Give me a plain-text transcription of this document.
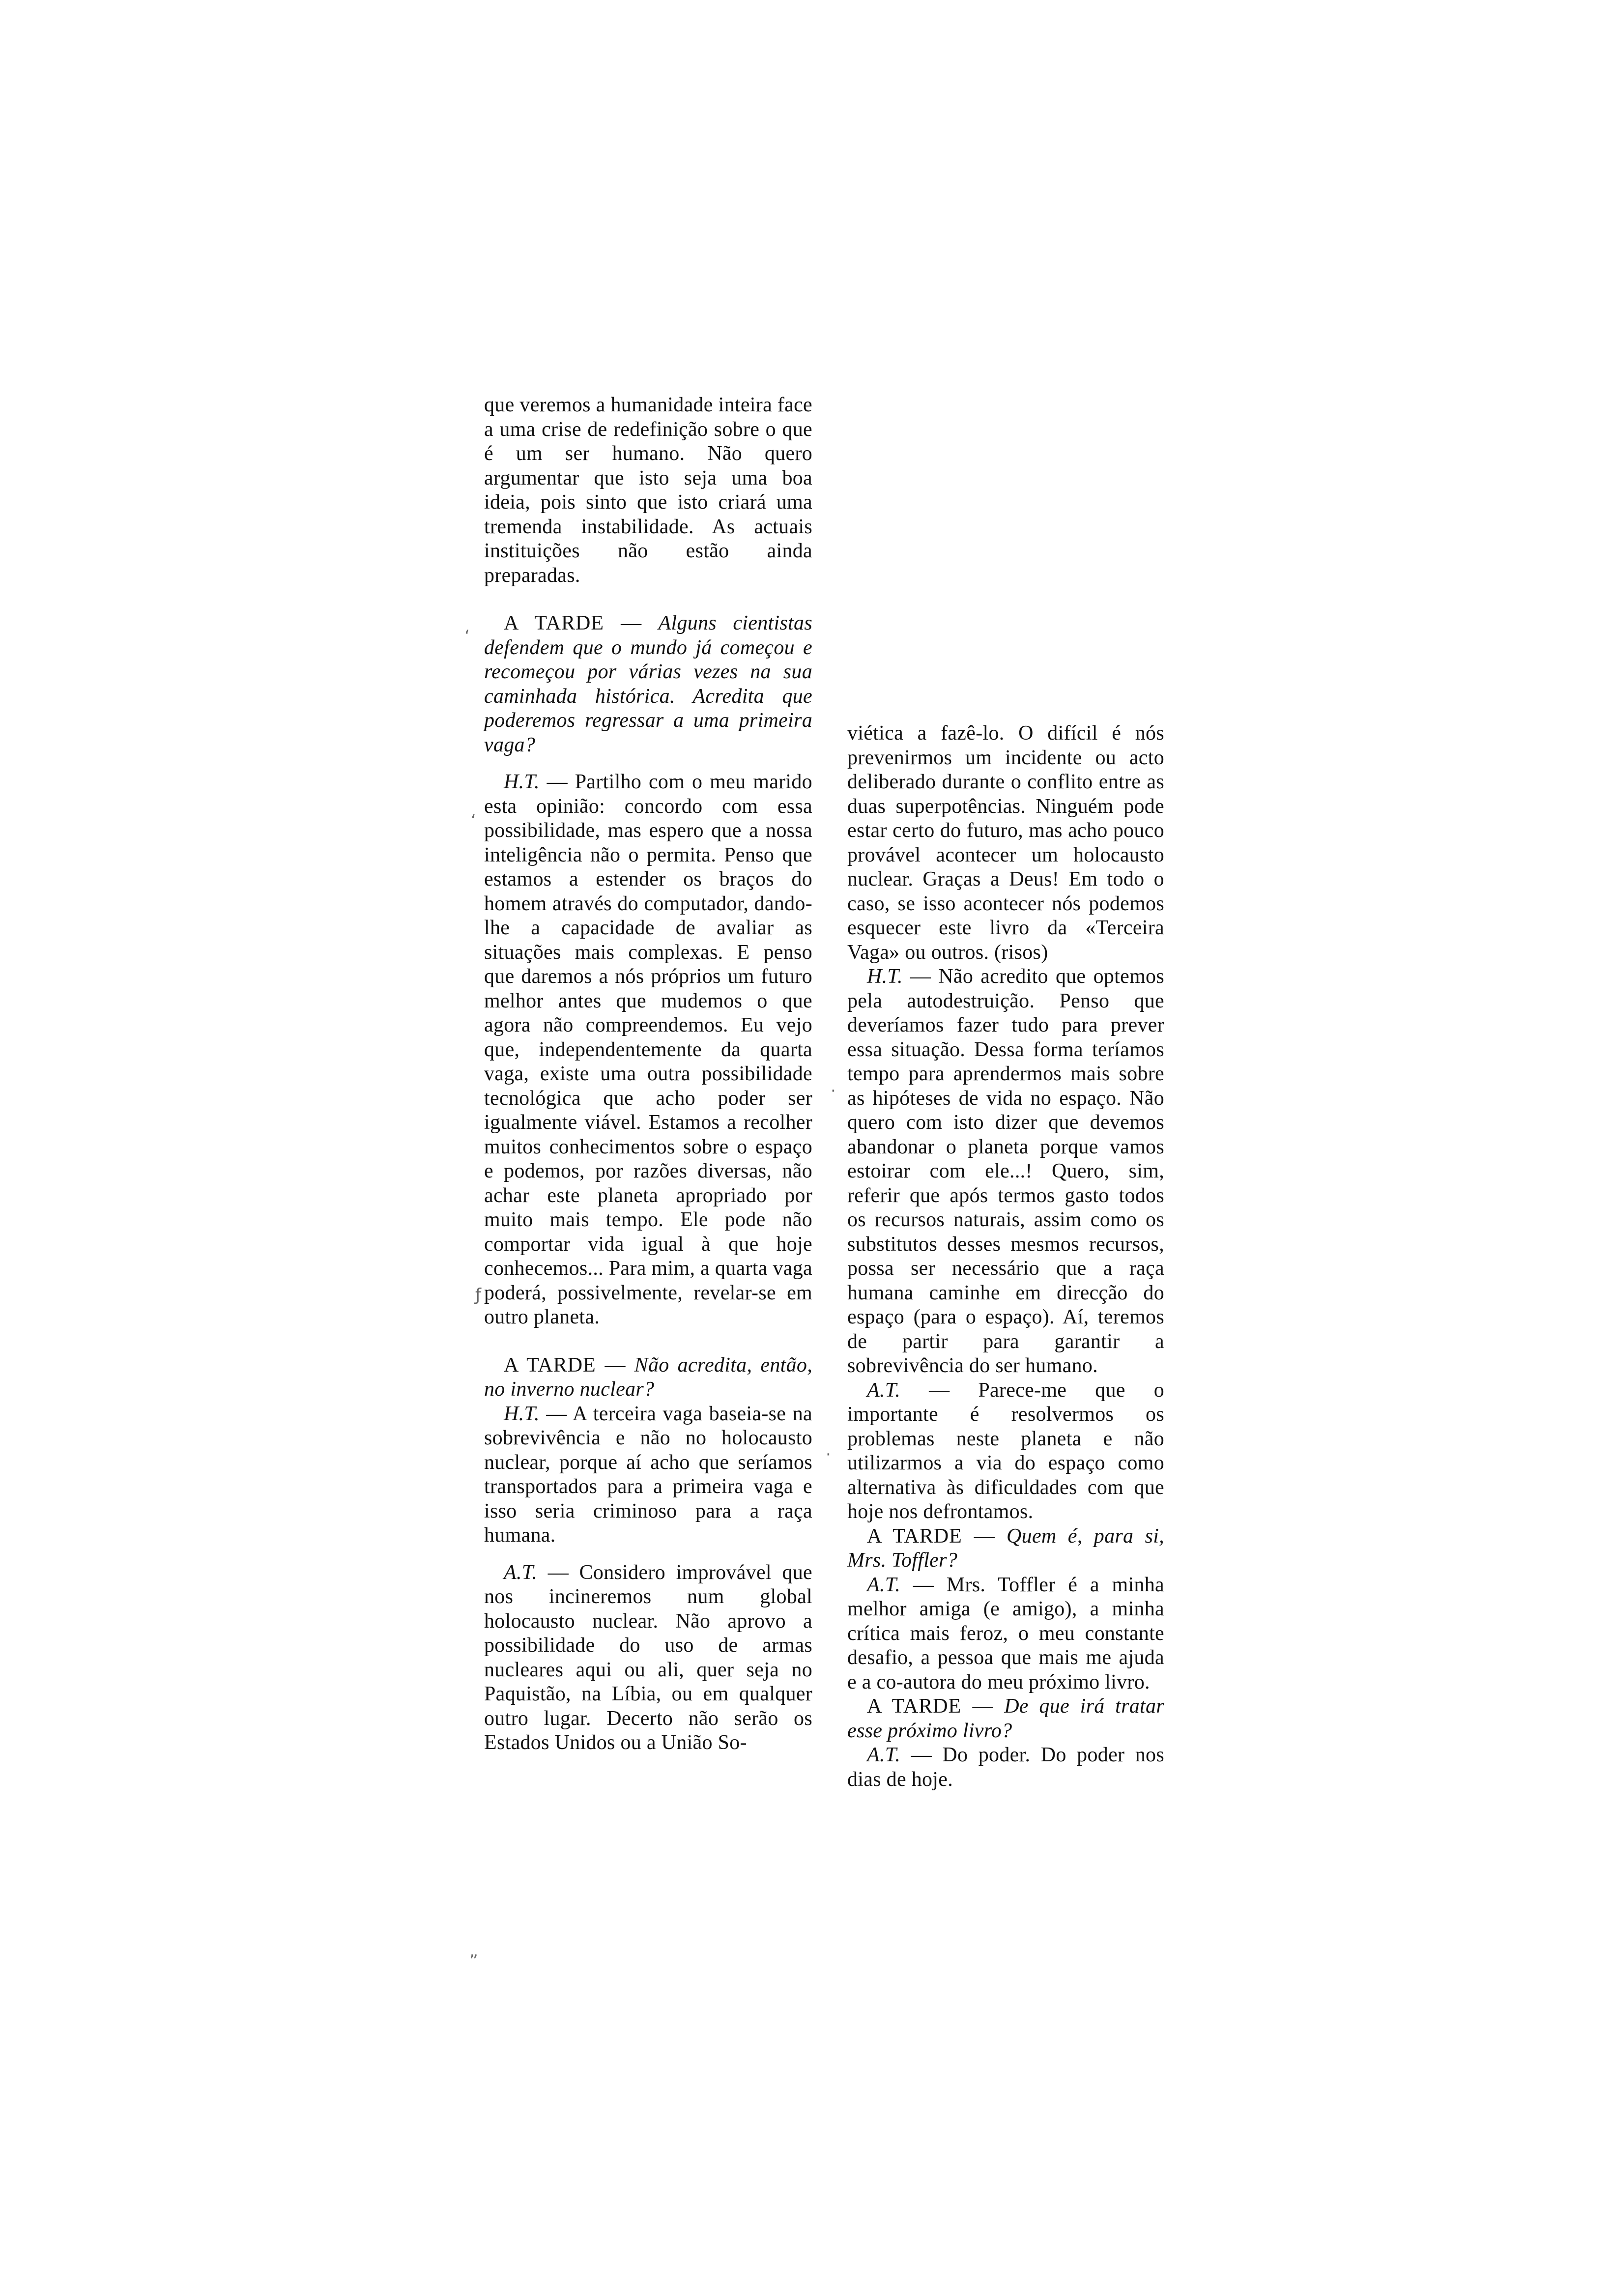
que veremos a humanidade inteira face a uma crise de redefinição sobre o que é um ser humano. Não quero argumentar que isto seja uma boa ideia, pois sinto que isto criará uma tremenda instabilidade. As actuais instituições não estão ainda preparadas.

A TARDE — Alguns cientistas defendem que o mundo já começou e recomeçou por várias vezes na sua caminhada histórica. Acredita que poderemos regressar a uma primeira vaga?

H.T. — Partilho com o meu marido esta opinião: concordo com essa possibilidade, mas espero que a nossa inteligência não o permita. Penso que estamos a estender os braços do homem através do computador, dando-lhe a capacidade de avaliar as situações mais complexas. E penso que daremos a nós próprios um futuro melhor antes que mudemos o que agora não compreendemos. Eu vejo que, independentemente da quarta vaga, existe uma outra possibilidade tecnológica que acho poder ser igualmente viável. Estamos a recolher muitos conhecimentos sobre o espaço e podemos, por razões diversas, não achar este planeta apropriado por muito mais tempo. Ele pode não comportar vida igual à que hoje conhecemos... Para mim, a quarta vaga poderá, possivelmente, revelar-se em outro planeta.

A TARDE — Não acredita, então, no inverno nuclear?

H.T. — A terceira vaga baseia-se na sobrevivência e não no holocausto nuclear, porque aí acho que seríamos transportados para a primeira vaga e isso seria criminoso para a raça humana.

A.T. — Considero improvável que nos incineremos num global holocausto nuclear. Não aprovo a possibilidade do uso de armas nucleares aqui ou ali, quer seja no Paquistão, na Líbia, ou em qualquer outro lugar. Decerto não serão os Estados Unidos ou a União So-

viética a fazê-lo. O difícil é nós prevenirmos um incidente ou acto deliberado durante o conflito entre as duas superpotências. Ninguém pode estar certo do futuro, mas acho pouco provável acontecer um holocausto nuclear. Graças a Deus! Em todo o caso, se isso acontecer nós podemos esquecer este livro da «Terceira Vaga» ou outros. (risos)

H.T. — Não acredito que optemos pela autodestruição. Penso que deveríamos fazer tudo para prever essa situação. Dessa forma teríamos tempo para aprendermos mais sobre as hipóteses de vida no espaço. Não quero com isto dizer que devemos abandonar o planeta porque vamos estoirar com ele...! Quero, sim, referir que após termos gasto todos os recursos naturais, assim como os substitutos desses mesmos recursos, possa ser necessário que a raça humana caminhe em direcção do espaço (para o espaço). Aí, teremos de partir para garantir a sobrevivência do ser humano.

A.T. — Parece-me que o importante é resolvermos os problemas neste planeta e não utilizarmos a via do espaço como alternativa às dificuldades com que hoje nos defrontamos.

A TARDE — Quem é, para si, Mrs. Toffler?

A.T. — Mrs. Toffler é a minha melhor amiga (e amigo), a minha crítica mais feroz, o meu constante desafio, a pessoa que mais me ajuda e a co-autora do meu próximo livro.

A TARDE — De que irá tratar esse próximo livro?

A.T. — Do poder. Do poder nos dias de hoje.

‘
‘
ƒ
„
·
·
